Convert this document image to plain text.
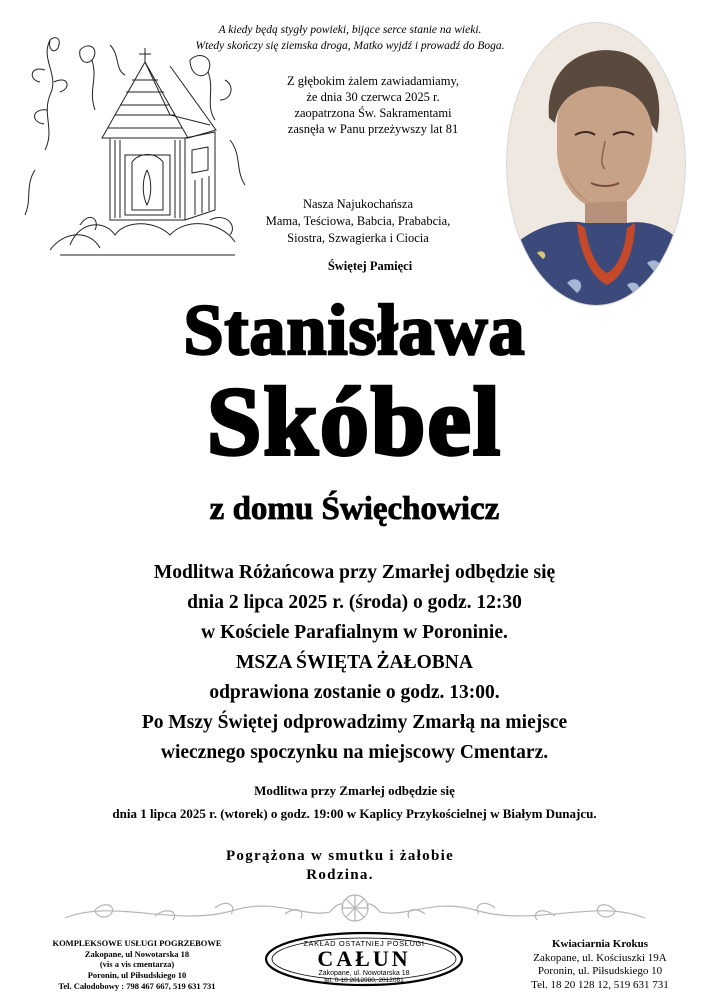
A kiedy będą stygły powieki, bijące serce stanie na wieki.
Wtedy skończy się ziemska droga, Matko wyjdź i prowadź do Boga.
Z głębokim żalem zawiadamiamy,
że dnia 30 czerwca 2025 r.
zaopatrzona Św. Sakramentami
zasnęła w Panu przeżywszy lat 81
Nasza Najukochańsza
Mama, Teściowa, Babcia, Prababcia,
Siostra, Szwagierka i Ciocia
Świętej Pamięci
Stanisława
Skóbel
z domu Święchowicz
Modlitwa Różańcowa przy Zmarłej odbędzie się
dnia 2 lipca 2025 r. (środa) o godz. 12:30
w Kościele Parafialnym w Poroninie.
MSZA ŚWIĘTA ŻAŁOBNA
odprawiona zostanie o godz. 13:00.
Po Mszy Świętej odprowadzimy Zmarłą na miejsce
wiecznego spoczynku na miejscowy Cmentarz.
Modlitwa przy Zmarłej odbędzie się
dnia 1 lipca 2025 r. (wtorek) o godz. 19:00 w Kaplicy Przykościelnej w Białym Dunajcu.
Pogrążona w smutku i żałobie
Rodzina.
KOMPLEKSOWE USŁUGI POGRZEBOWE
Zakopane, ul Nowotarska 18
(vis a vis cmentarza)
Poronin, ul Piłsudskiego 10
Tel. Całodobowy : 798 467 667, 519 631 731
ZAKŁAD OSTATNIEJ POSŁUGI
CAŁUN
Zakopane, ul. Nowotarska 18
tel. 0-18 2012080, 2012081
Kwiaciarnia Krokus
Zakopane, ul. Kościuszki 19A
Poronin, ul. Piłsudskiego 10
Tel. 18 20 128 12, 519 631 731
